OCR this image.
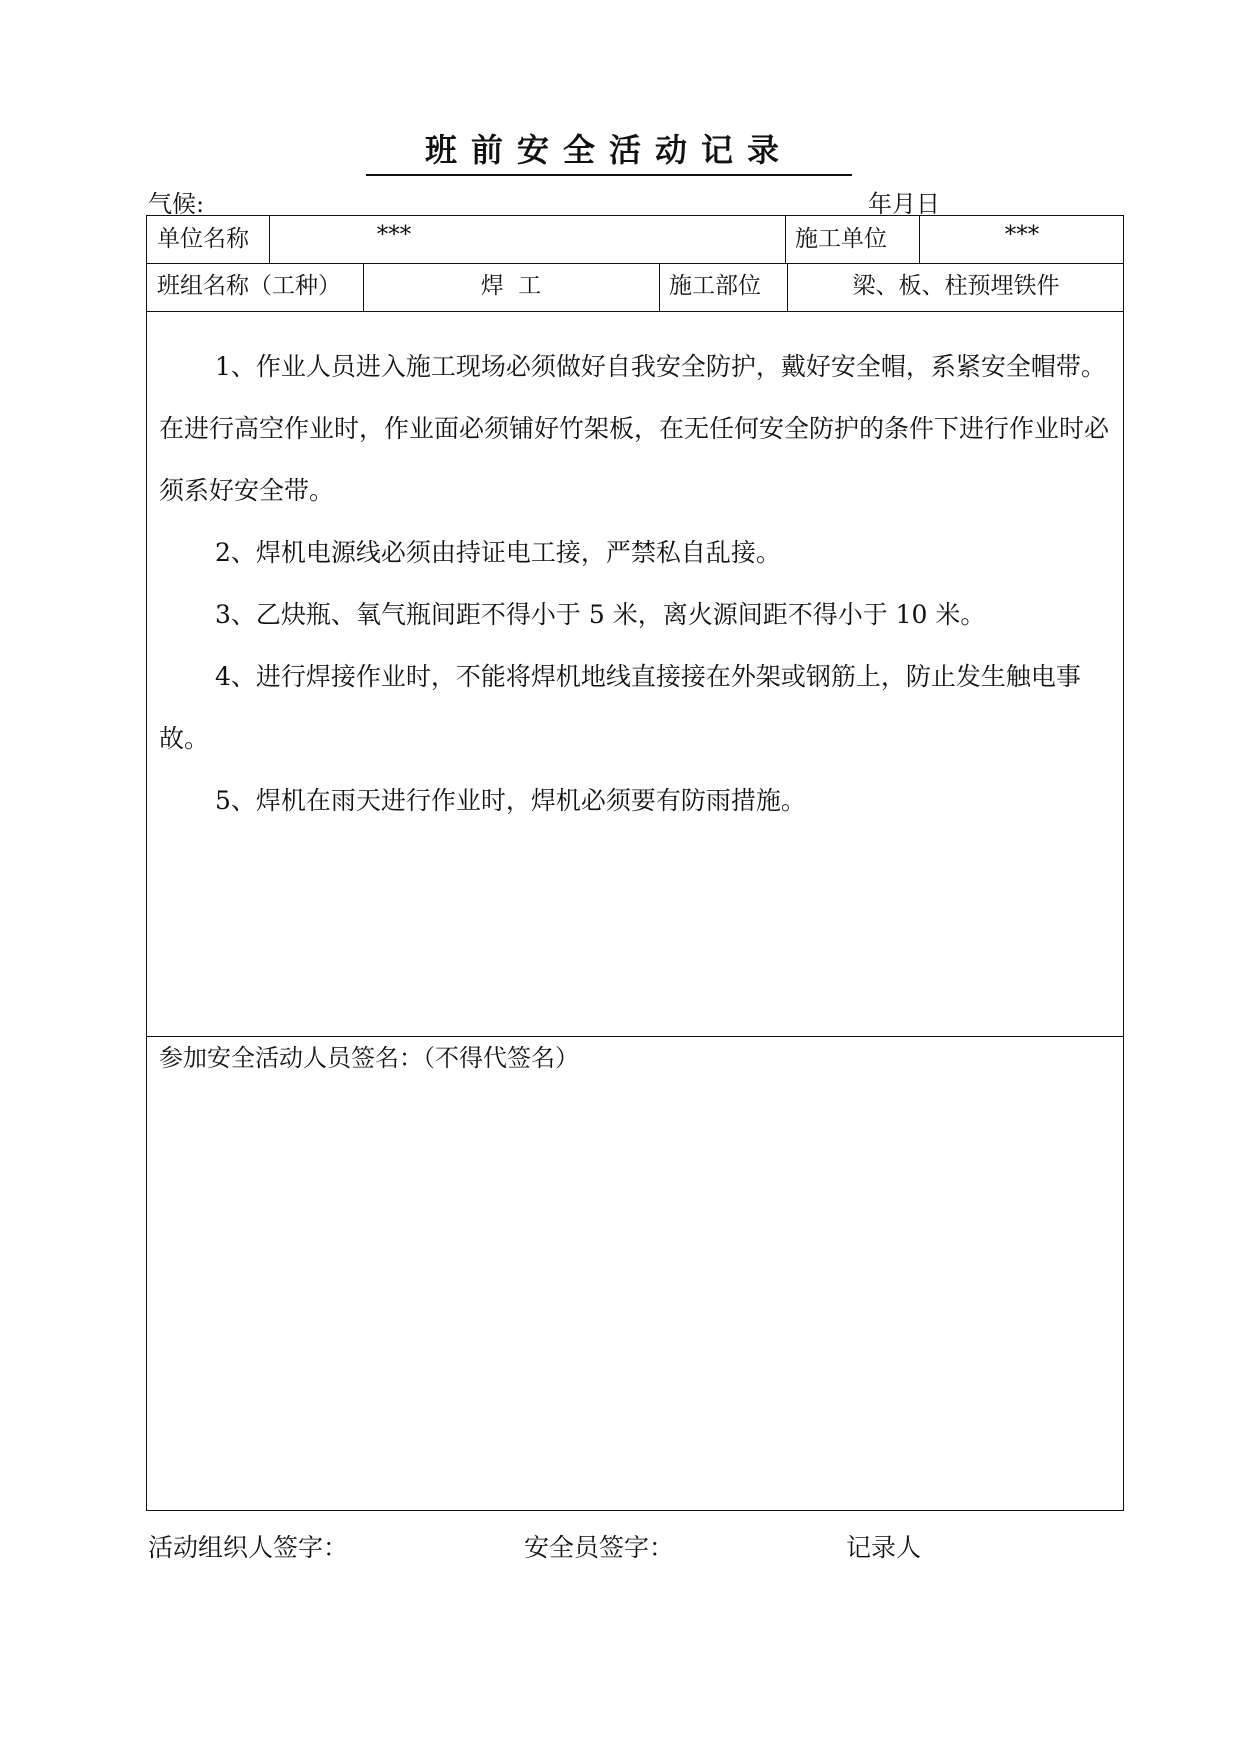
班前安全活动记录
气候:	年月日
单位名称	***	施工单位	***
班组名称（工种）	焊  工	施工部位	梁、板、柱预埋铁件

1、作业人员进入施工现场必须做好自我安全防护，戴好安全帽，系紧安全帽带。在进行高空作业时，作业面必须铺好竹架板，在无任何安全防护的条件下进行作业时必须系好安全带。

2、焊机电源线必须由持证电工接，严禁私自乱接。

3、乙炔瓶、氧气瓶间距不得小于 5 米，离火源间距不得小于 10 米。

4、进行焊接作业时，不能将焊机地线直接接在外架或钢筋上，防止发生触电事故。

5、焊机在雨天进行作业时，焊机必须要有防雨措施。

参加安全活动人员签名：（不得代签名）
活动组织人签字：	安全员签字：	记录人
